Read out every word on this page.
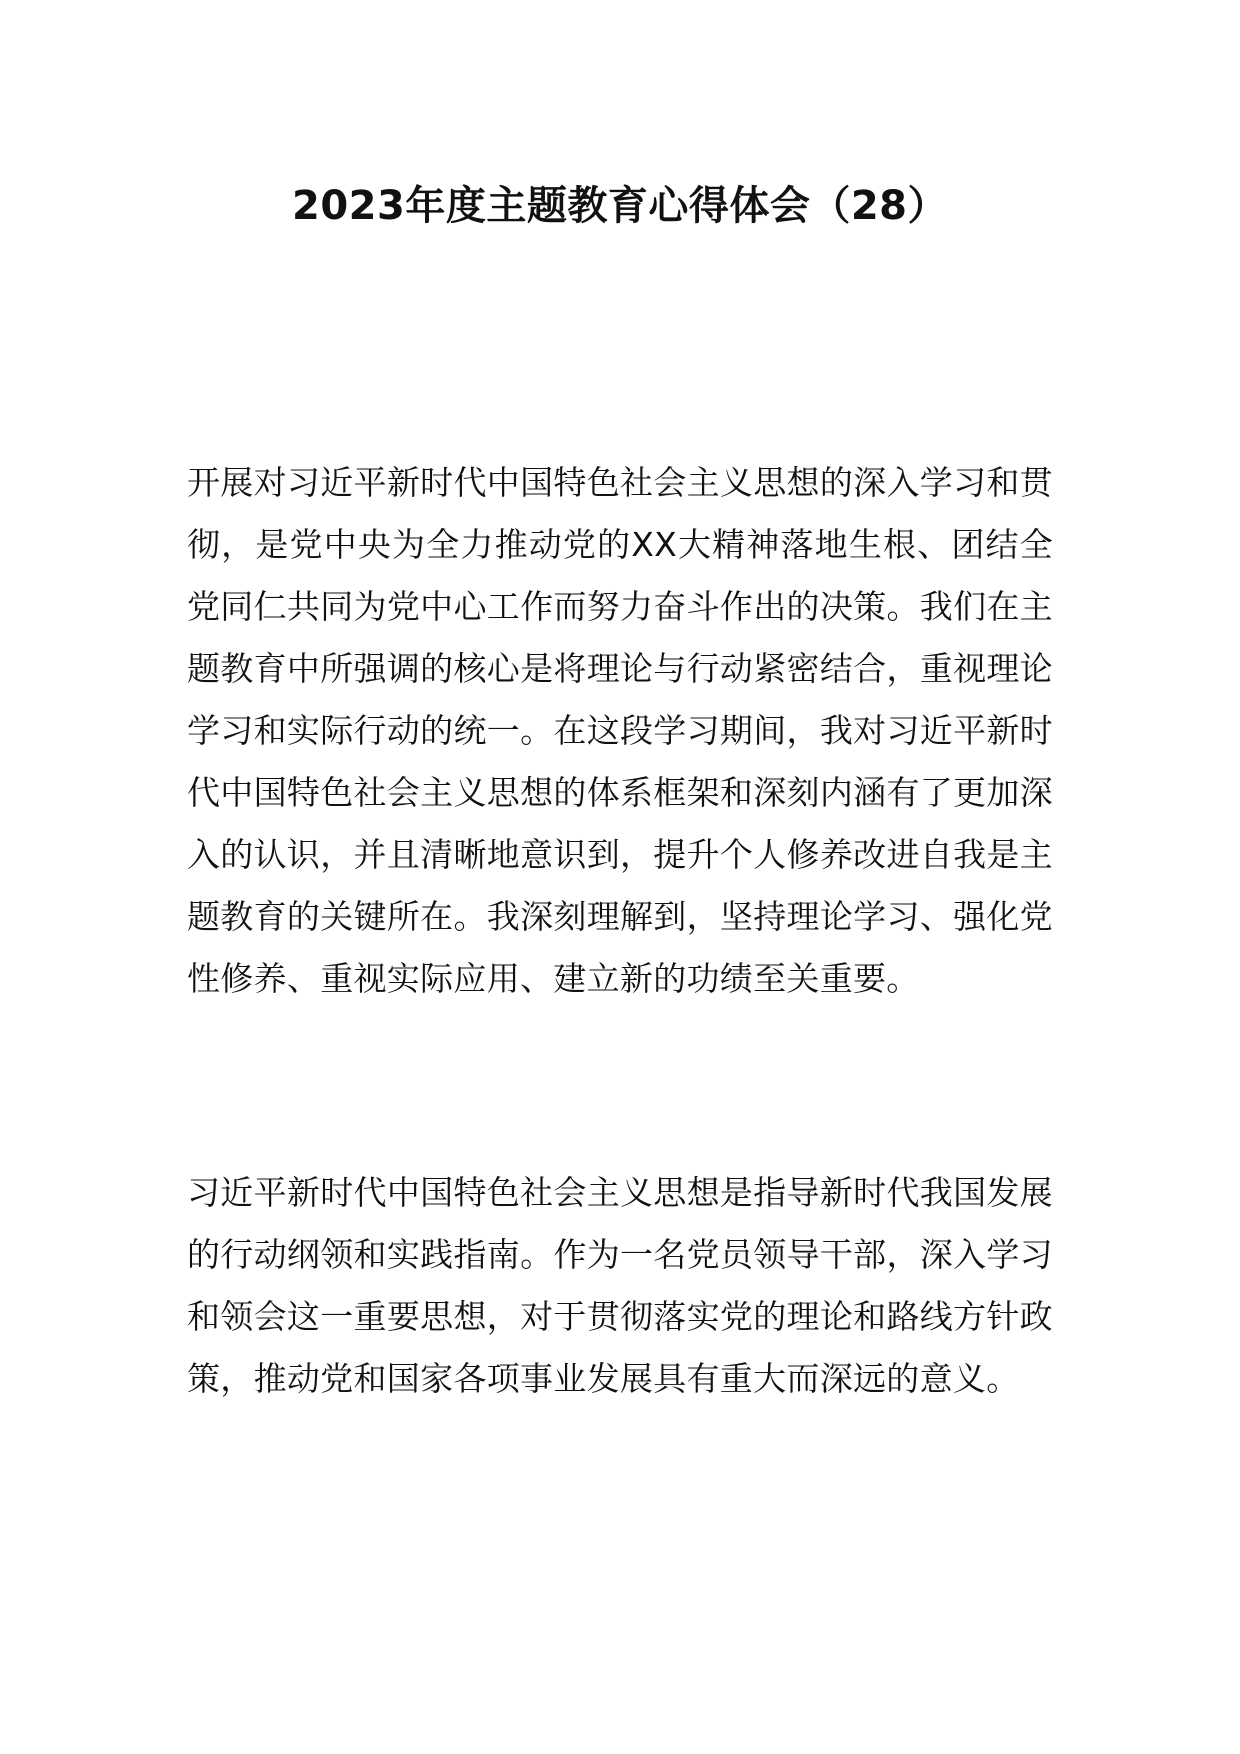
2023年度主题教育心得体会（28）

开展对习近平新时代中国特色社会主义思想的深入学习和贯彻，是党中央为全力推动党的XX大精神落地生根、团结全党同仁共同为党中心工作而努力奋斗作出的决策。我们在主题教育中所强调的核心是将理论与行动紧密结合，重视理论学习和实际行动的统一。在这段学习期间，我对习近平新时代中国特色社会主义思想的体系框架和深刻内涵有了更加深入的认识，并且清晰地意识到，提升个人修养改进自我是主题教育的关键所在。我深刻理解到，坚持理论学习、强化党性修养、重视实际应用、建立新的功绩至关重要。

习近平新时代中国特色社会主义思想是指导新时代我国发展的行动纲领和实践指南。作为一名党员领导干部，深入学习和领会这一重要思想，对于贯彻落实党的理论和路线方针政策，推动党和国家各项事业发展具有重大而深远的意义。
